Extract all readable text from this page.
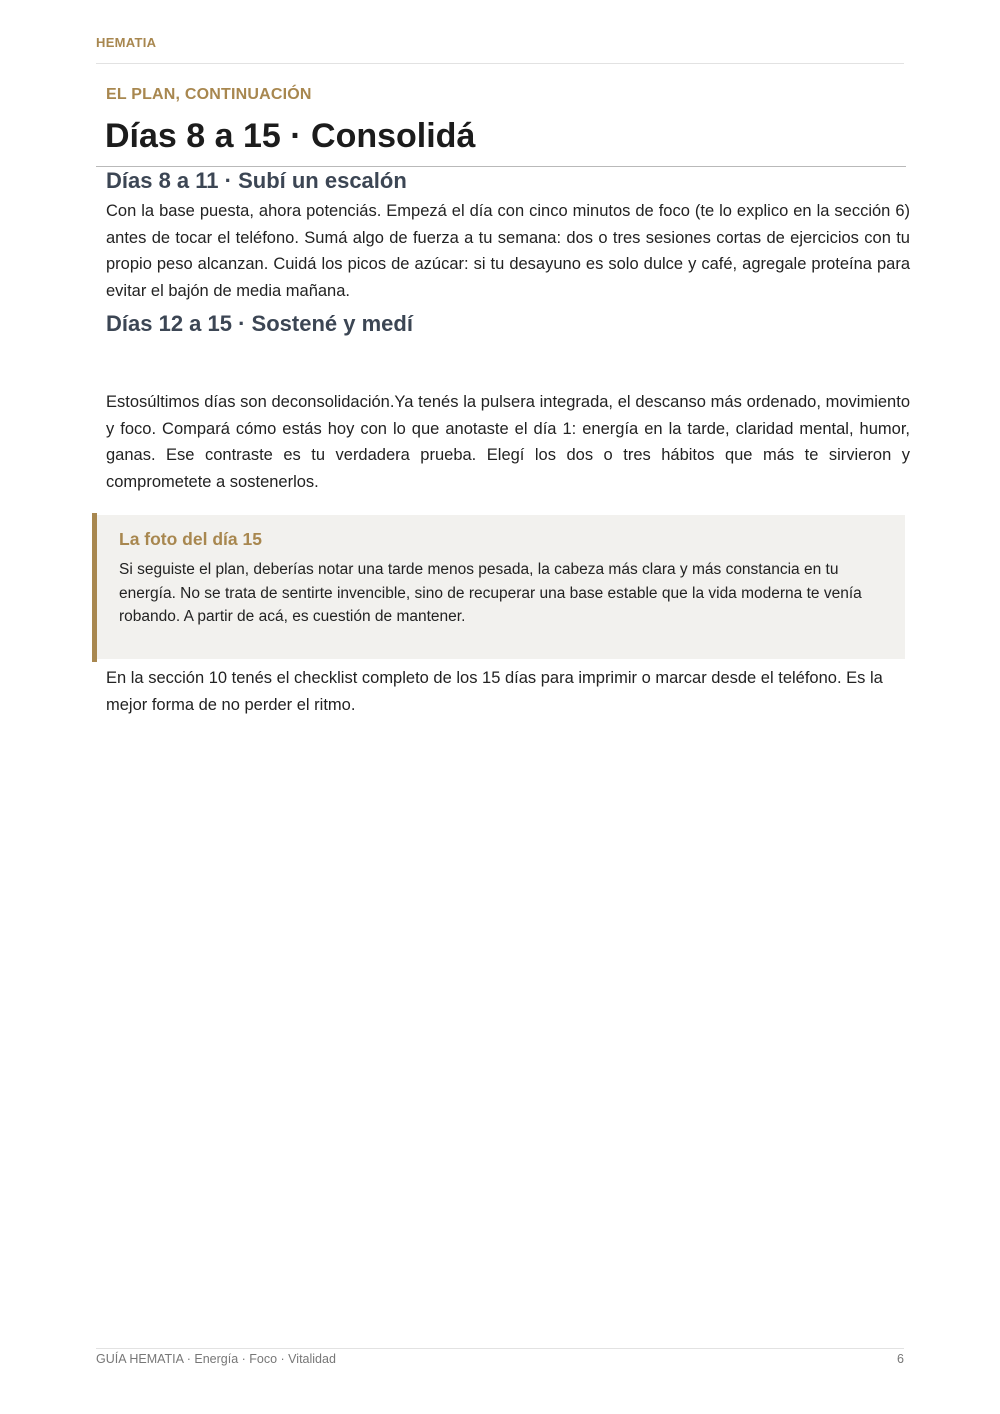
HEMATIA
EL PLAN, CONTINUACIÓN
Días 8 a 15 · Consolidá
Días 8 a 11 · Subí un escalón

Con la base puesta, ahora potenciás. Empezá el día con cinco minutos de foco (te lo explico en la sección 6) antes de tocar el teléfono. Sumá algo de fuerza a tu semana: dos o tres sesiones cortas de ejercicios con tu propio peso alcanzan. Cuidá los picos de azúcar: si tu desayuno es solo dulce y café, agregale proteína para evitar el bajón de media mañana.

Días 12 a 15 · Sostené y medí

Estosúltimos días son deconsolidación.Ya tenés la pulsera integrada, el descanso más ordenado, movimiento y foco. Compará cómo estás hoy con lo que anotaste el día 1: energía en la tarde, claridad mental, humor, ganas. Ese contraste es tu verdadera prueba. Elegí los dos o tres hábitos que más te sirvieron y comprometete a sostenerlos.

La foto del día 15

Si seguiste el plan, deberías notar una tarde menos pesada, la cabeza más clara y más constancia en tu energía. No se trata de sentirte invencible, sino de recuperar una base estable que la vida moderna te venía robando. A partir de acá, es cuestión de mantener.

En la sección 10 tenés el checklist completo de los 15 días para imprimir o marcar desde el teléfono. Es la mejor forma de no perder el ritmo.

GUÍA HEMATIA · Energía · Foco · Vitalidad	6
